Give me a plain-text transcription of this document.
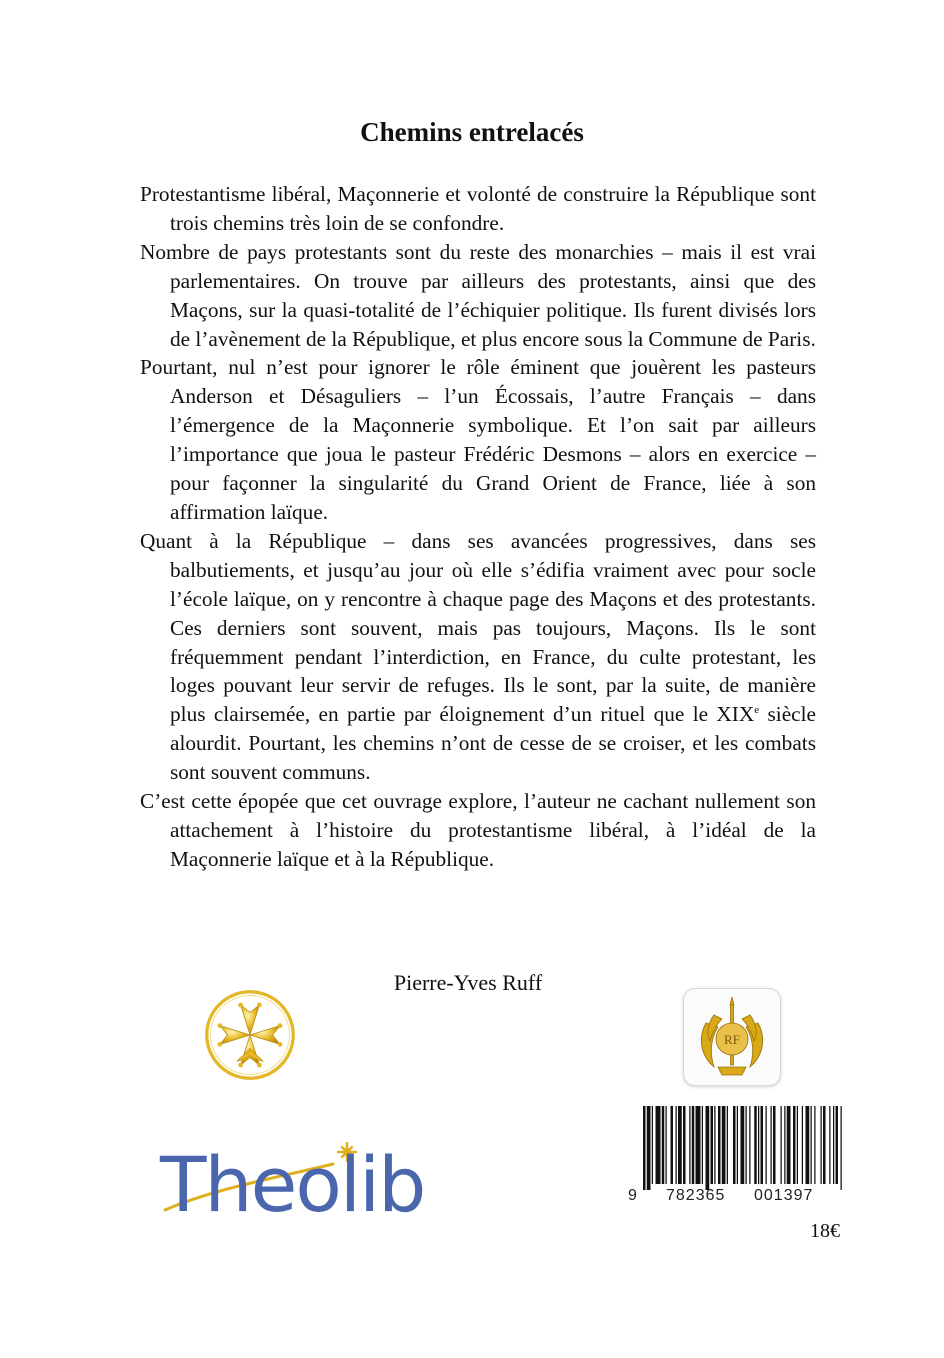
Chemins entrelacés

Protestantisme libéral, Maçonnerie et volonté de construire la République sont trois chemins très loin de se confondre.

Nombre de pays protestants sont du reste des monarchies – mais il est vrai parlementaires. On trouve par ailleurs des protestants, ainsi que des Maçons, sur la quasi-totalité de l’échiquier politique. Ils furent divisés lors de l’avènement de la République, et plus encore sous la Commune de Paris.

Pourtant, nul n’est pour ignorer le rôle éminent que jouèrent les pasteurs Anderson et Désaguliers – l’un Écossais, l’autre Français – dans l’émergence de la Maçonnerie symbolique. Et l’on sait par ailleurs l’importance que joua le pasteur Frédéric Desmons – alors en exercice – pour façonner la singularité du Grand Orient de France, liée à son affirmation laïque.

Quant à la République – dans ses avancées progressives, dans ses balbutiements, et jusqu’au jour où elle s’édifia vraiment avec pour socle l’école laïque, on y rencontre à chaque page des Maçons et des protestants. Ces derniers sont souvent, mais pas toujours, Maçons. Ils le sont fréquemment pendant l’interdiction, en France, du culte protestant, les loges pouvant leur servir de refuges. Ils le sont, par la suite, de manière plus clairsemée, en partie par éloignement d’un rituel que le XIXe siècle alourdit. Pourtant, les chemins n’ont de cesse de se croiser, et les combats sont souvent communs.

C’est cette épopée que cet ouvrage explore, l’auteur ne cachant nullement son attachement à l’histoire du protestantisme libéral, à l’idéal de la Maçonnerie laïque et à la République.

Pierre-Yves Ruff
RF
9 782365 001397
18€
Theolib
